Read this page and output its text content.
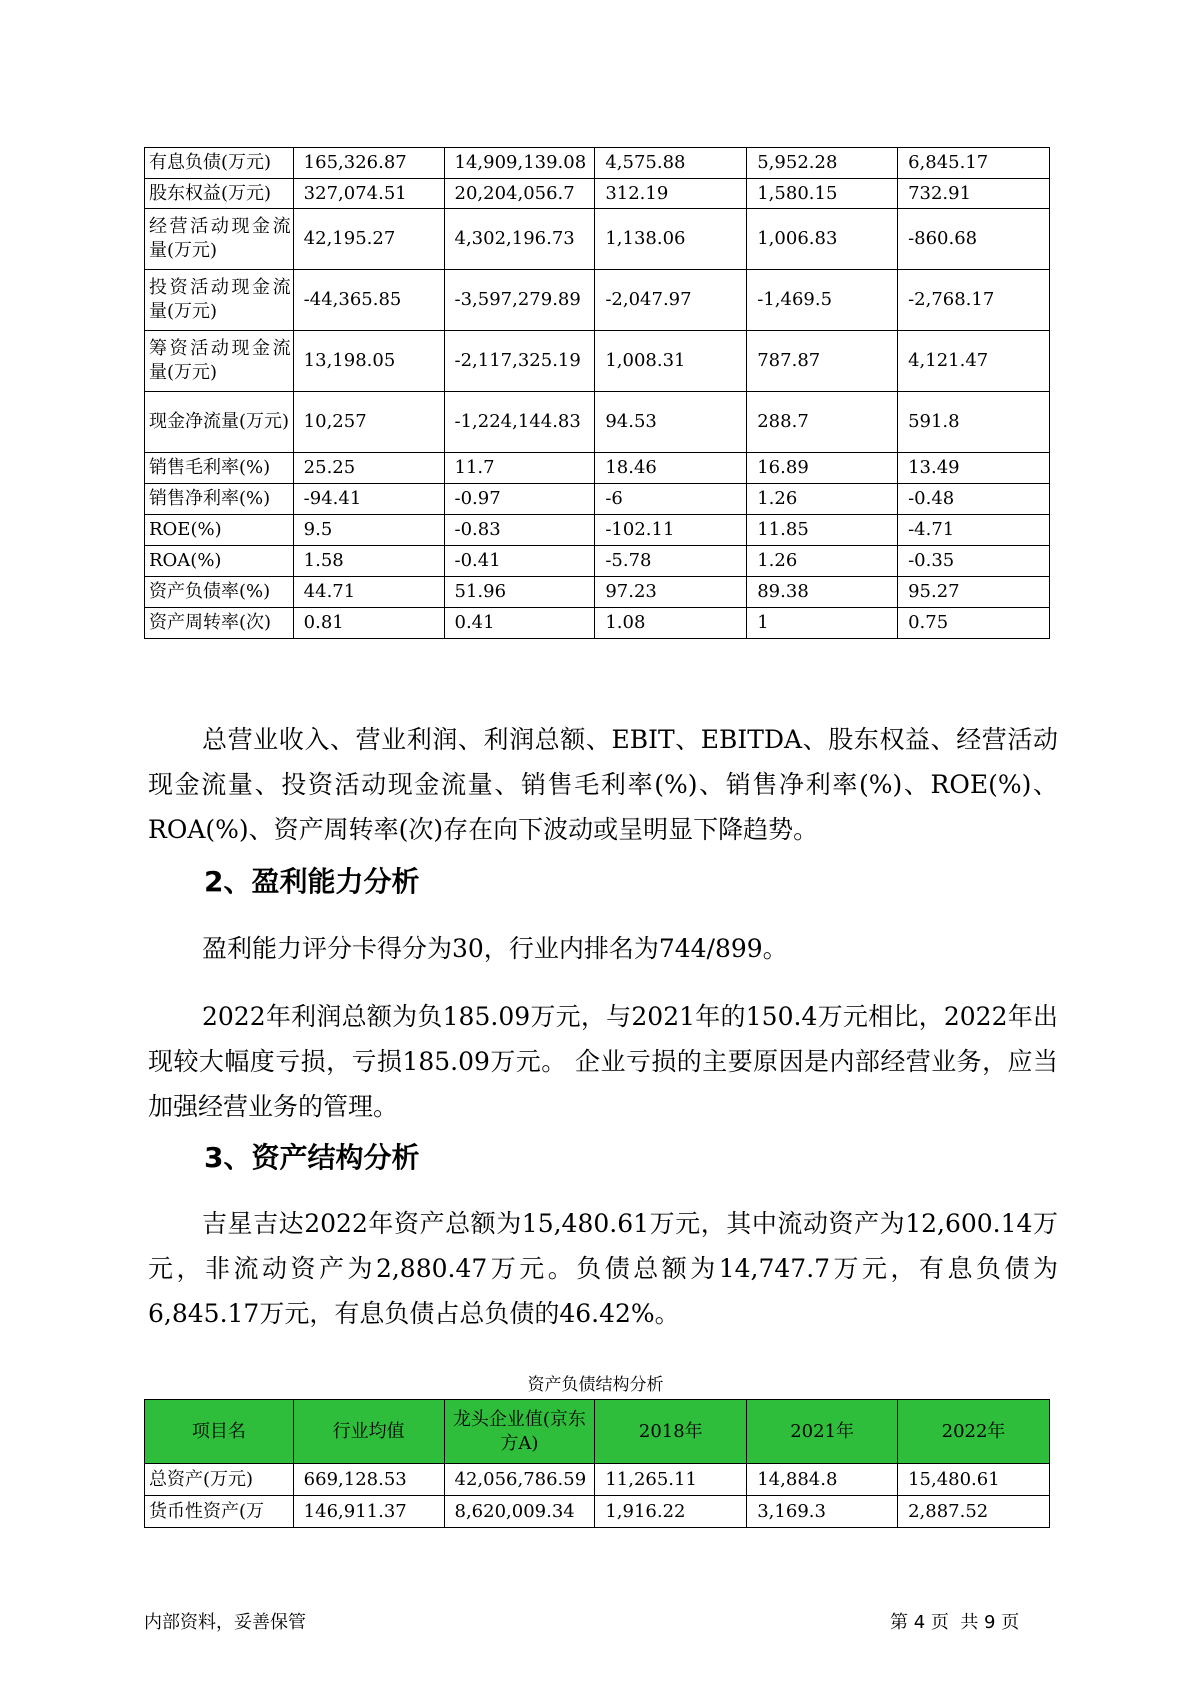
有息负债(万元)	165,326.87	14,909,139.08	4,575.88	5,952.28	6,845.17
股东权益(万元)	327,074.51	20,204,056.7	312.19	1,580.15	732.91
经营活动现金流量(万元)	42,195.27	4,302,196.73	1,138.06	1,006.83	-860.68
投资活动现金流量(万元)	-44,365.85	-3,597,279.89	-2,047.97	-1,469.5	-2,768.17
筹资活动现金流量(万元)	13,198.05	-2,117,325.19	1,008.31	787.87	4,121.47
现金净流量(万元)	10,257	-1,224,144.83	94.53	288.7	591.8
销售毛利率(%)	25.25	11.7	18.46	16.89	13.49
销售净利率(%)	-94.41	-0.97	-6	1.26	-0.48
ROE(%)	9.5	-0.83	-102.11	11.85	-4.71
ROA(%)	1.58	-0.41	-5.78	1.26	-0.35
资产负债率(%)	44.71	51.96	97.23	89.38	95.27
资产周转率(次)	0.81	0.41	1.08	1	0.75

总营业收入、营业利润、利润总额、EBIT、EBITDA、股东权益、经营活动现金流量、投资活动现金流量、销售毛利率(%)、销售净利率(%)、ROE(%)、ROA(%)、资产周转率(次)存在向下波动或呈明显下降趋势。

2、盈利能力分析

盈利能力评分卡得分为30，行业内排名为744/899。

2022年利润总额为负185.09万元，与2021年的150.4万元相比，2022年出现较大幅度亏损，亏损185.09万元。 企业亏损的主要原因是内部经营业务，应当加强经营业务的管理。

3、资产结构分析

吉星吉达2022年资产总额为15,480.61万元，其中流动资产为12,600.14万元，非流动资产为2,880.47万元。负债总额为14,747.7万元，有息负债为6,845.17万元，有息负债占总负债的46.42%。

资产负债结构分析
项目名	行业均值	龙头企业值(京东方A)	2018年	2021年	2022年
总资产(万元)	669,128.53	42,056,786.59	11,265.11	14,884.8	15,480.61
货币性资产(万	146,911.37	8,620,009.34	1,916.22	3,169.3	2,887.52
内部资料，妥善保管	第 4 页  共 9 页
